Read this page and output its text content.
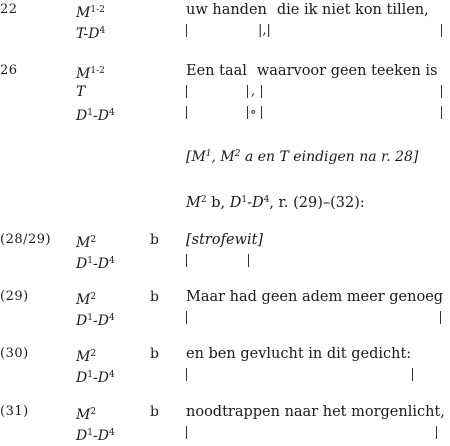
22	$M^{1-2}$	uw handen die ik niet kon tillen,
$T-D^4$	|,|
26	$M^{1-2}$	Een taal waarvoor geen teeken is
T	,
$D^1-D^4$	∘
[$M^1$, $M^2$ a en T eindigen na r. 28]
$M^2$ b, $D^1-D^4$, r. (29)–(32):
(28/29) $M^2$	b [strofewit]
$D^1-D^4$
(29)	$M^2$	b Maar had geen adem meer genoeg
$D^1-D^4$
(30)	$M^2$	b en ben gevlucht in dit gedicht:
$D^1-D^4$
(31)	$M^2$	b noodtrappen naar het morgenlicht,
$D^1-D^4$
